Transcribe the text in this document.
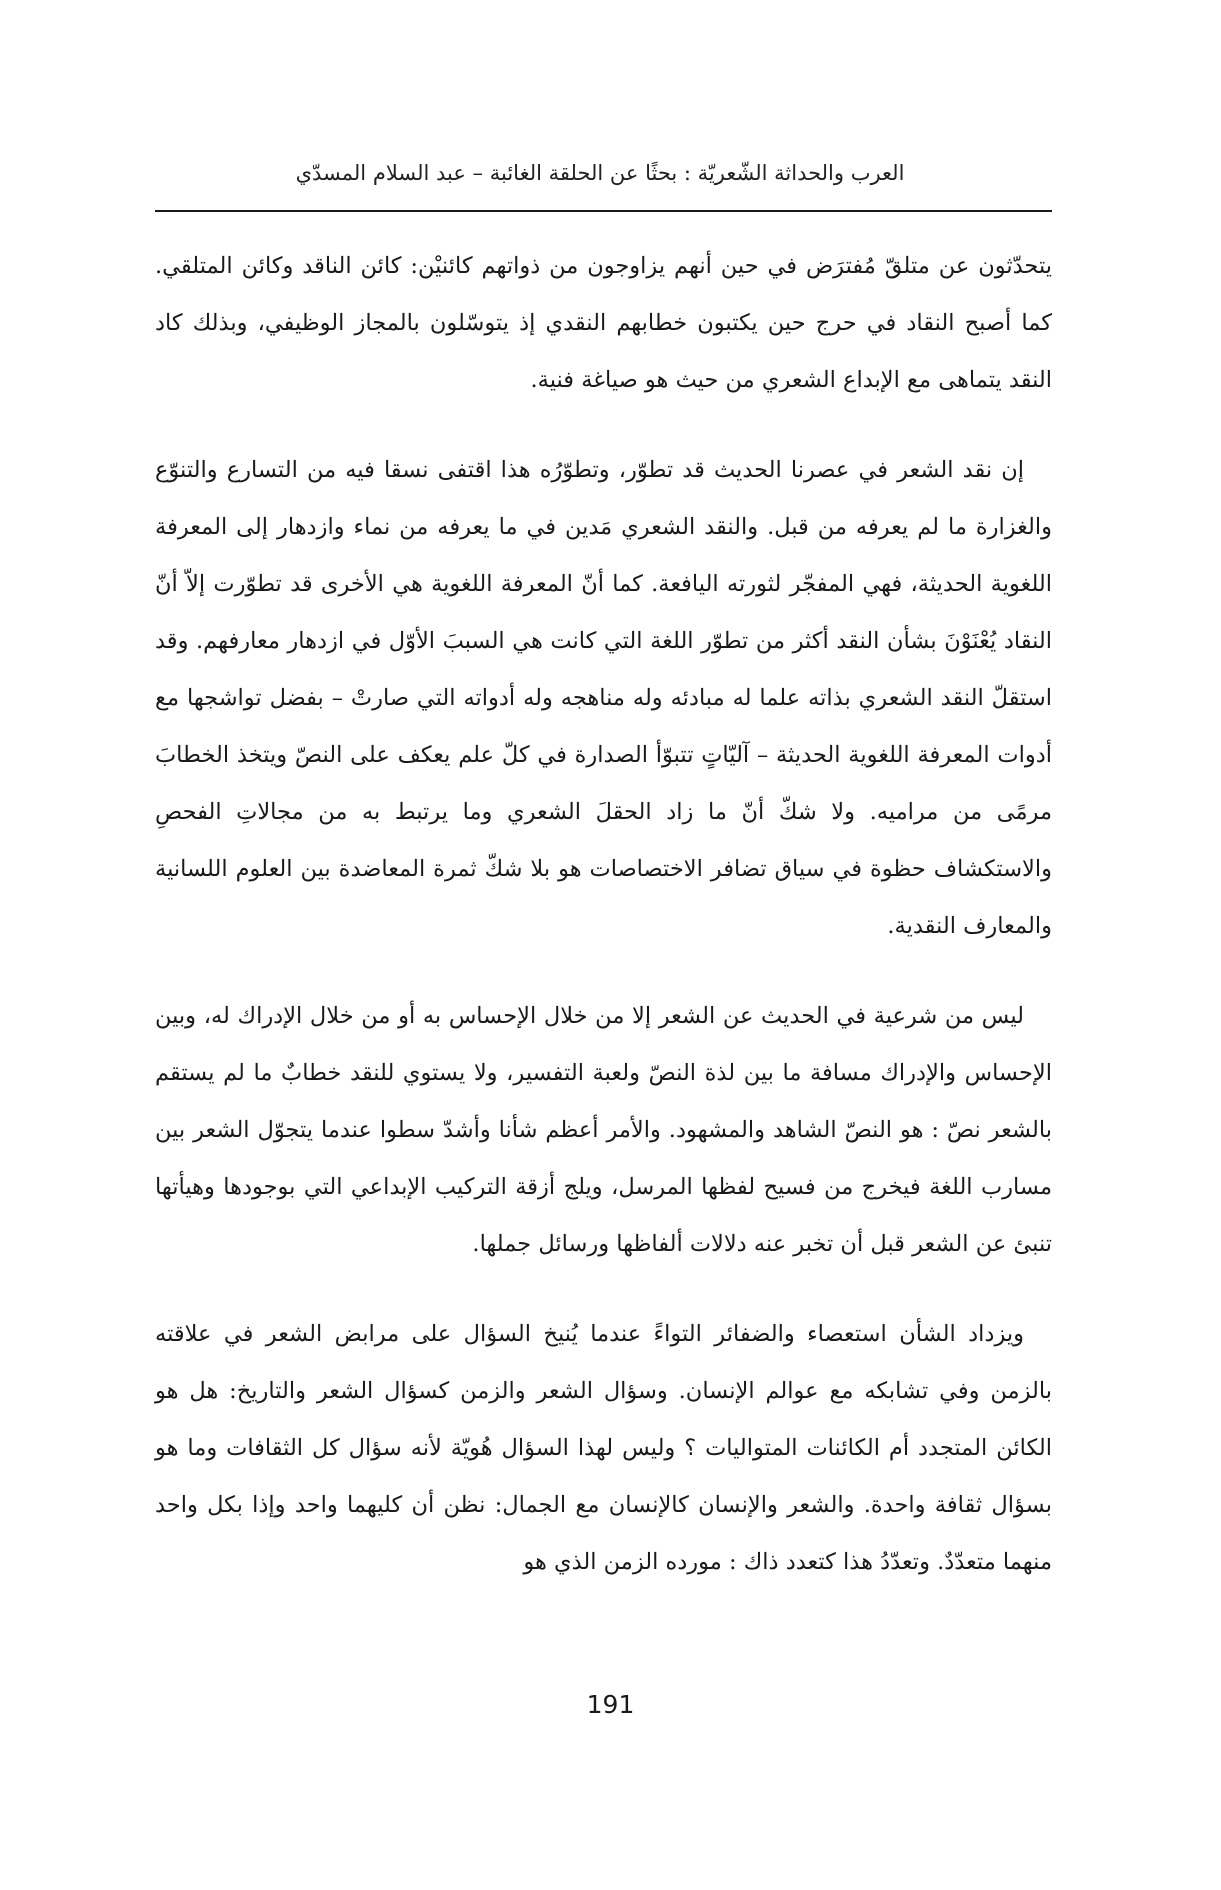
العرب والحداثة الشّعريّة : بحثًا عن الحلقة الغائبة – عبد السلام المسدّي

يتحدّثون عن متلقّ مُفترَض في حين أنهم يزاوجون من ذواتهم كائنيْن: كائن الناقد وكائن المتلقي. كما أصبح النقاد في حرج حين يكتبون خطابهم النقدي إذ يتوسّلون بالمجاز الوظيفي، وبذلك كاد النقد يتماهى مع الإبداع الشعري من حيث هو صياغة فنية.

إن نقد الشعر في عصرنا الحديث قد تطوّر، وتطوّرُه هذا اقتفى نسقا فيه من التسارع والتنوّع والغزارة ما لم يعرفه من قبل. والنقد الشعري مَدين في ما يعرفه من نماء وازدهار إلى المعرفة اللغوية الحديثة، فهي المفجّر لثورته اليافعة. كما أنّ المعرفة اللغوية هي الأخرى قد تطوّرت إلاّ أنّ النقاد يُعْنَوْنَ بشأن النقد أكثر من تطوّر اللغة التي كانت هي السببَ الأوّل في ازدهار معارفهم. وقد استقلّ النقد الشعري بذاته علما له مبادئه وله مناهجه وله أدواته التي صارتْ – بفضل تواشجها مع أدوات المعرفة اللغوية الحديثة – آليّاتٍ تتبوّأ الصدارة في كلّ علم يعكف على النصّ ويتخذ الخطابَ مرمًى من مراميه. ولا شكّ أنّ ما زاد الحقلَ الشعري وما يرتبط به من مجالاتِ الفحصِ والاستكشاف حظوة في سياق تضافر الاختصاصات هو بلا شكّ ثمرة المعاضدة بين العلوم اللسانية والمعارف النقدية.

ليس من شرعية في الحديث عن الشعر إلا من خلال الإحساس به أو من خلال الإدراك له، وبين الإحساس والإدراك مسافة ما بين لذة النصّ ولعبة التفسير، ولا يستوي للنقد خطابٌ ما لم يستقم بالشعر نصّ : هو النصّ الشاهد والمشهود. والأمر أعظم شأنا وأشدّ سطوا عندما يتجوّل الشعر بين مسارب اللغة فيخرج من فسيح لفظها المرسل، ويلج أزقة التركيب الإبداعي التي بوجودها وهيأتها تنبئ عن الشعر قبل أن تخبر عنه دلالات ألفاظها ورسائل جملها.

ويزداد الشأن استعصاء والضفائر التواءً عندما يُنيخ السؤال على مرابض الشعر في علاقته بالزمن وفي تشابكه مع عوالم الإنسان. وسؤال الشعر والزمن كسؤال الشعر والتاريخ: هل هو الكائن المتجدد أم الكائنات المتواليات ؟ وليس لهذا السؤال هُويّة لأنه سؤال كل الثقافات وما هو بسؤال ثقافة واحدة. والشعر والإنسان كالإنسان مع الجمال: نظن أن كليهما واحد وإذا بكل واحد منهما متعدّدٌ. وتعدّدُ هذا كتعدد ذاك : مورده الزمن الذي هو

191
